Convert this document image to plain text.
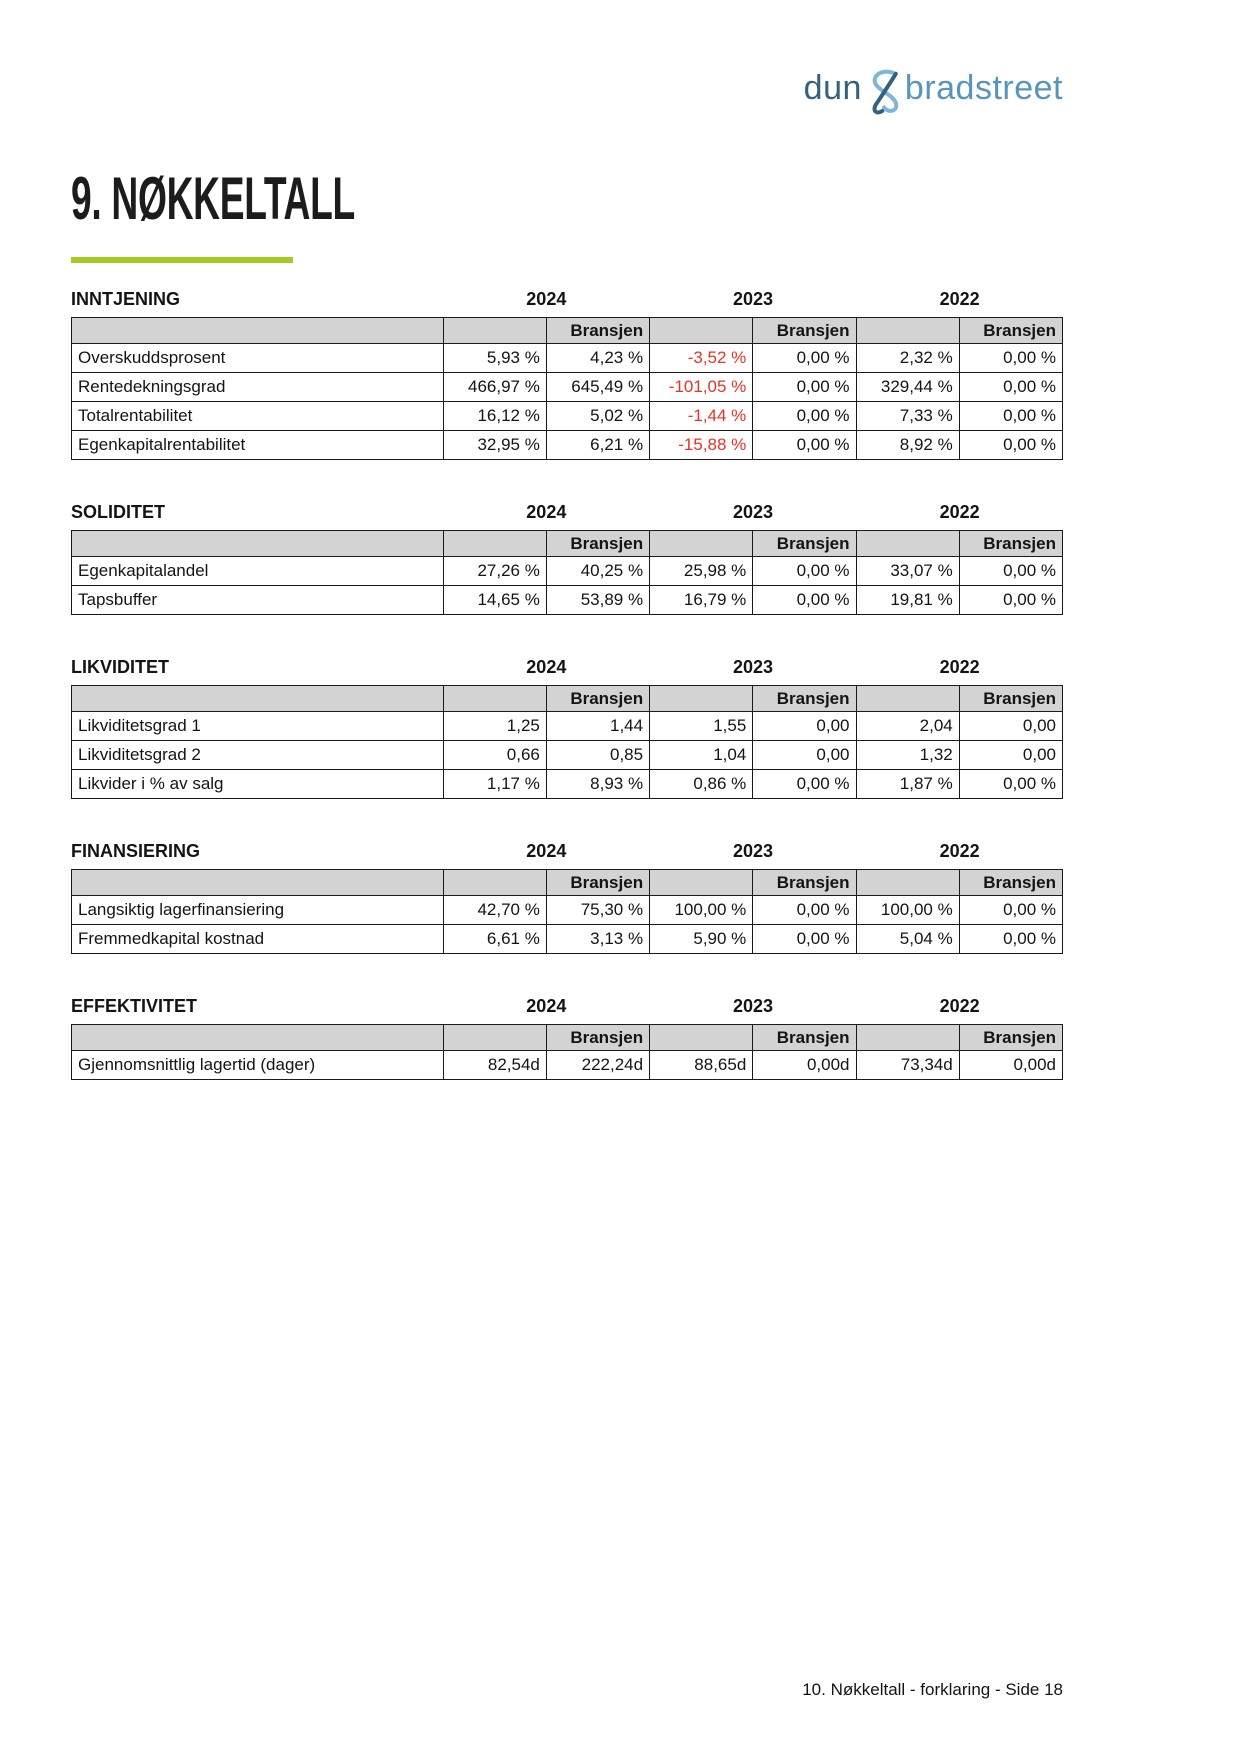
dun bradstreet
9. NØKKELTALL
INNTJENING	2024	2023	2022
		Bransjen		Bransjen		Bransjen
Overskuddsprosent	5,93 %	4,23 %	-3,52 %	0,00 %	2,32 %	0,00 %
Rentedekningsgrad	466,97 %	645,49 %	-101,05 %	0,00 %	329,44 %	0,00 %
Totalrentabilitet	16,12 %	5,02 %	-1,44 %	0,00 %	7,33 %	0,00 %
Egenkapitalrentabilitet	32,95 %	6,21 %	-15,88 %	0,00 %	8,92 %	0,00 %
SOLIDITET	2024	2023	2022
		Bransjen		Bransjen		Bransjen
Egenkapitalandel	27,26 %	40,25 %	25,98 %	0,00 %	33,07 %	0,00 %
Tapsbuffer	14,65 %	53,89 %	16,79 %	0,00 %	19,81 %	0,00 %
LIKVIDITET	2024	2023	2022
		Bransjen		Bransjen		Bransjen
Likviditetsgrad 1	1,25	1,44	1,55	0,00	2,04	0,00
Likviditetsgrad 2	0,66	0,85	1,04	0,00	1,32	0,00
Likvider i % av salg	1,17 %	8,93 %	0,86 %	0,00 %	1,87 %	0,00 %
FINANSIERING	2024	2023	2022
		Bransjen		Bransjen		Bransjen
Langsiktig lagerfinansiering	42,70 %	75,30 %	100,00 %	0,00 %	100,00 %	0,00 %
Fremmedkapital kostnad	6,61 %	3,13 %	5,90 %	0,00 %	5,04 %	0,00 %
EFFEKTIVITET	2024	2023	2022
		Bransjen		Bransjen		Bransjen
Gjennomsnittlig lagertid (dager)	82,54d	222,24d	88,65d	0,00d	73,34d	0,00d
10. Nøkkeltall - forklaring - Side 18
